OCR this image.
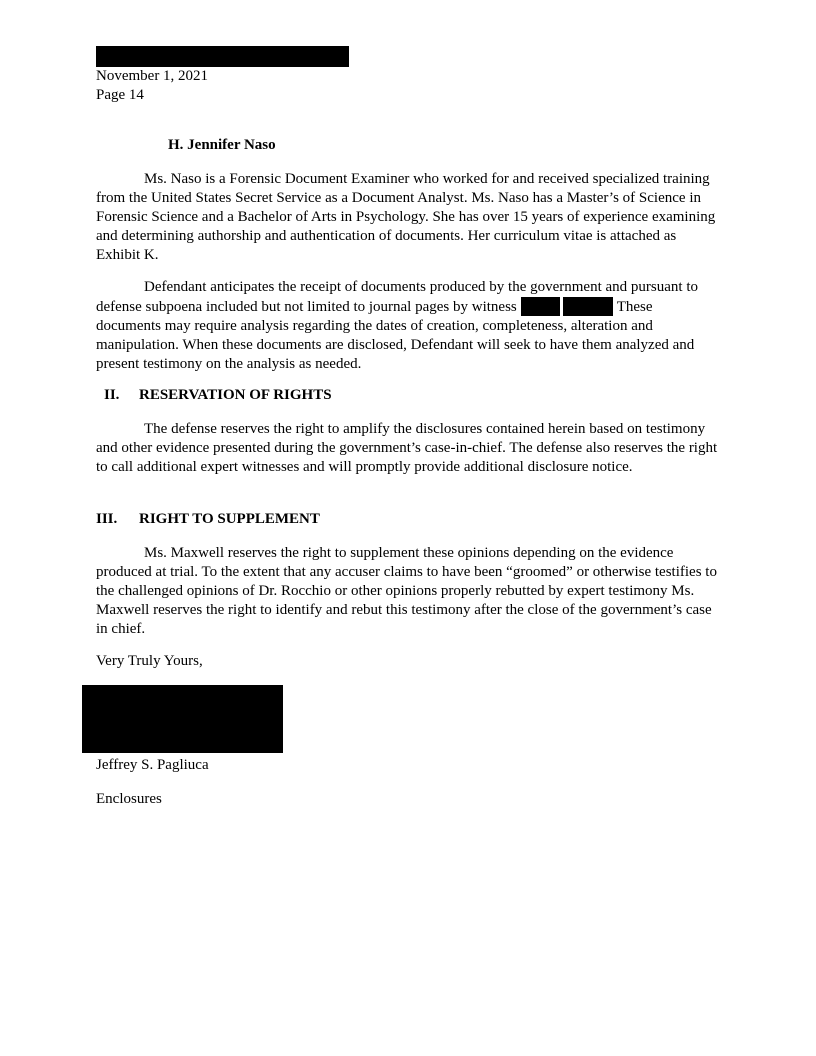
November 1, 2021
Page 14
H. Jennifer Naso

Ms. Naso is a Forensic Document Examiner who worked for and received specialized training from the United States Secret Service as a Document Analyst. Ms. Naso has a Master’s of Science in Forensic Science and a Bachelor of Arts in Psychology. She has over 15 years of experience examining and determining authorship and authentication of documents. Her curriculum vitae is attached as Exhibit K.

Defendant anticipates the receipt of documents produced by the government and pursuant to defense subpoena included but not limited to journal pages by witness	These documents may require analysis regarding the dates of creation, completeness, alteration and manipulation. When these documents are disclosed, Defendant will seek to have them analyzed and present testimony on the analysis as needed.

II. RESERVATION OF RIGHTS

The defense reserves the right to amplify the disclosures contained herein based on testimony and other evidence presented during the government’s case-in-chief. The defense also reserves the right to call additional expert witnesses and will promptly provide additional disclosure notice.

III. RIGHT TO SUPPLEMENT

Ms. Maxwell reserves the right to supplement these opinions depending on the evidence produced at trial. To the extent that any accuser claims to have been “groomed” or otherwise testifies to the challenged opinions of Dr. Rocchio or other opinions properly rebutted by expert testimony Ms. Maxwell reserves the right to identify and rebut this testimony after the close of the government’s case in chief.

Very Truly Yours,
Jeffrey S. Pagliuca
Enclosures
